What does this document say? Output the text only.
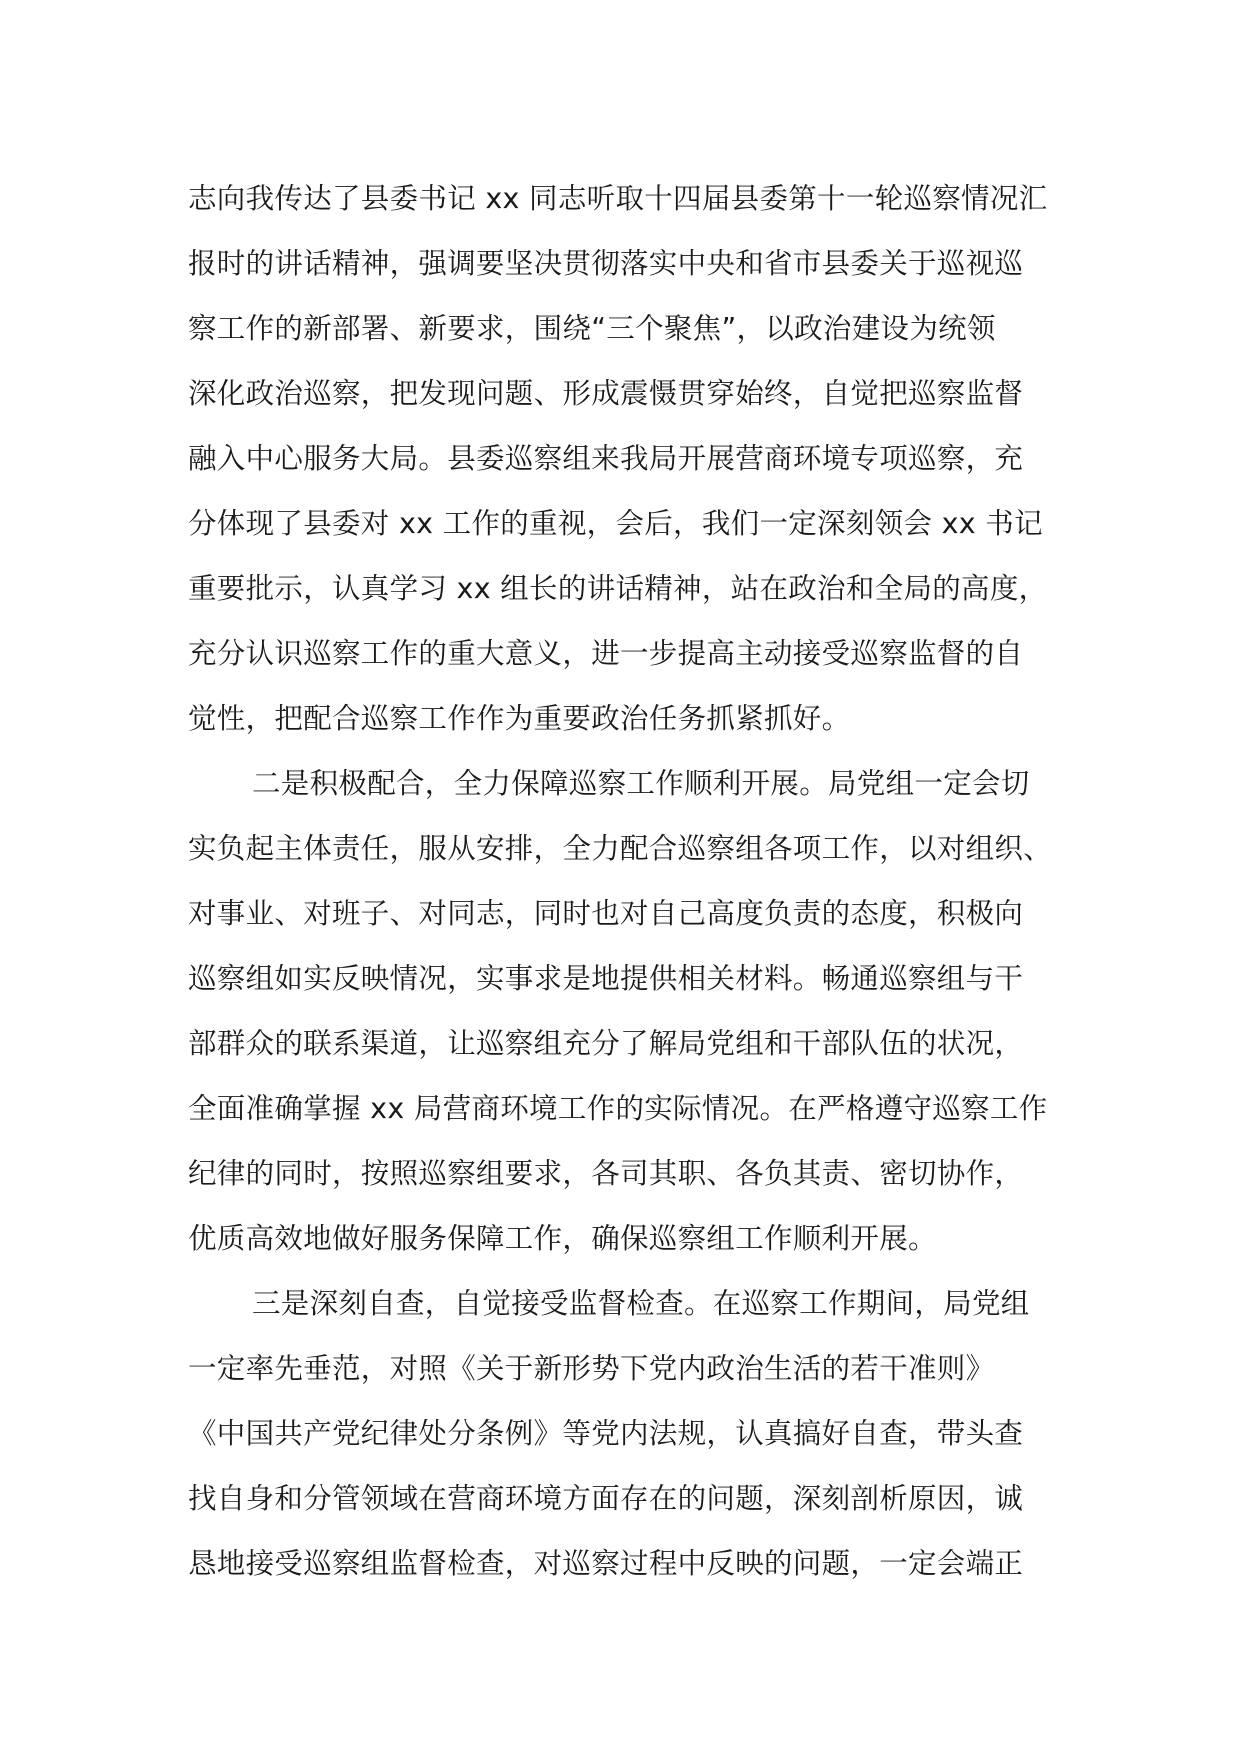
志向我传达了县委书记 xx 同志听取十四届县委第十一轮巡察情况汇
报时的讲话精神，强调要坚决贯彻落实中央和省市县委关于巡视巡
察工作的新部署、新要求，围绕“三个聚焦”，以政治建设为统领
深化政治巡察，把发现问题、形成震慑贯穿始终，自觉把巡察监督
融入中心服务大局。县委巡察组来我局开展营商环境专项巡察，充
分体现了县委对 xx 工作的重视，会后，我们一定深刻领会 xx 书记
重要批示，认真学习 xx 组长的讲话精神，站在政治和全局的高度，
充分认识巡察工作的重大意义，进一步提高主动接受巡察监督的自
觉性，把配合巡察工作作为重要政治任务抓紧抓好。
二是积极配合，全力保障巡察工作顺利开展。局党组一定会切
实负起主体责任，服从安排，全力配合巡察组各项工作，以对组织、
对事业、对班子、对同志，同时也对自己高度负责的态度，积极向
巡察组如实反映情况，实事求是地提供相关材料。畅通巡察组与干
部群众的联系渠道，让巡察组充分了解局党组和干部队伍的状况，
全面准确掌握 xx 局营商环境工作的实际情况。在严格遵守巡察工作
纪律的同时，按照巡察组要求，各司其职、各负其责、密切协作，
优质高效地做好服务保障工作，确保巡察组工作顺利开展。
三是深刻自查，自觉接受监督检查。在巡察工作期间，局党组
一定率先垂范，对照《关于新形势下党内政治生活的若干准则》
《中国共产党纪律处分条例》等党内法规，认真搞好自查，带头查
找自身和分管领域在营商环境方面存在的问题，深刻剖析原因，诚
恳地接受巡察组监督检查，对巡察过程中反映的问题，一定会端正
